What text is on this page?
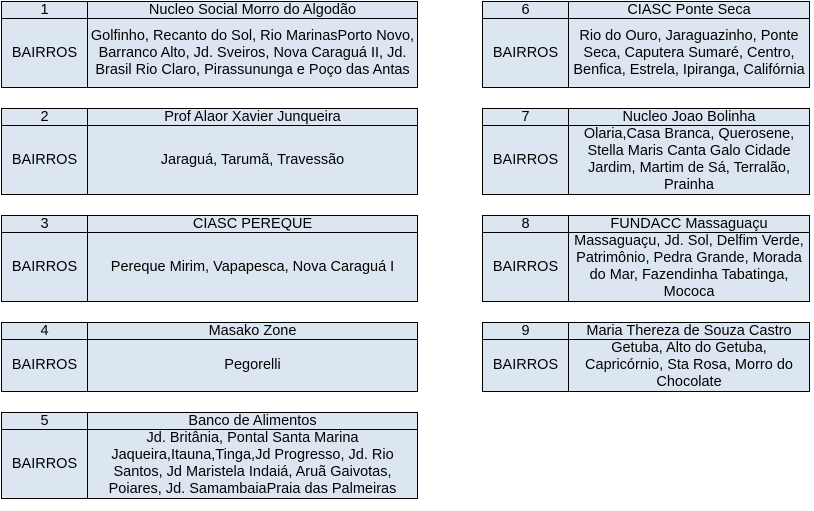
1	Nucleo Social Morro do Algodão
BAIRROS	Golfinho, Recanto do Sol, Rio MarinasPorto Novo, Barranco Alto, Jd. Sveiros, Nova Caraguá II, Jd. Brasil Rio Claro, Pirassununga e Poço das Antas
2	Prof Alaor Xavier Junqueira
BAIRROS	Jaraguá, Tarumã, Travessão
3	CIASC PEREQUE
BAIRROS	Pereque Mirim, Vapapesca, Nova Caraguá I
4	Masako Zone
BAIRROS	Pegorelli
5	Banco de Alimentos
BAIRROS	Jd. Britânia, Pontal Santa Marina Jaqueira,Itauna,Tinga,Jd Progresso, Jd. Rio Santos, Jd Maristela Indaiá, Aruã Gaivotas, Poiares, Jd. SamambaiaPraia das Palmeiras
6	CIASC Ponte Seca
BAIRROS	Rio do Ouro, Jaraguazinho, Ponte Seca, Caputera Sumaré, Centro, Benfica, Estrela, Ipiranga, Califórnia
7	Nucleo Joao Bolinha
BAIRROS	Olaria,Casa Branca, Querosene, Stella Maris Canta Galo Cidade Jardim, Martim de Sá, Terralão, Prainha
8	FUNDACC Massaguaçu
BAIRROS	Massaguaçu, Jd. Sol, Delfim Verde, Patrimônio, Pedra Grande, Morada do Mar, Fazendinha Tabatinga, Mococa
9	Maria Thereza de Souza Castro
BAIRROS	Getuba, Alto do Getuba, Capricórnio, Sta Rosa, Morro do Chocolate
